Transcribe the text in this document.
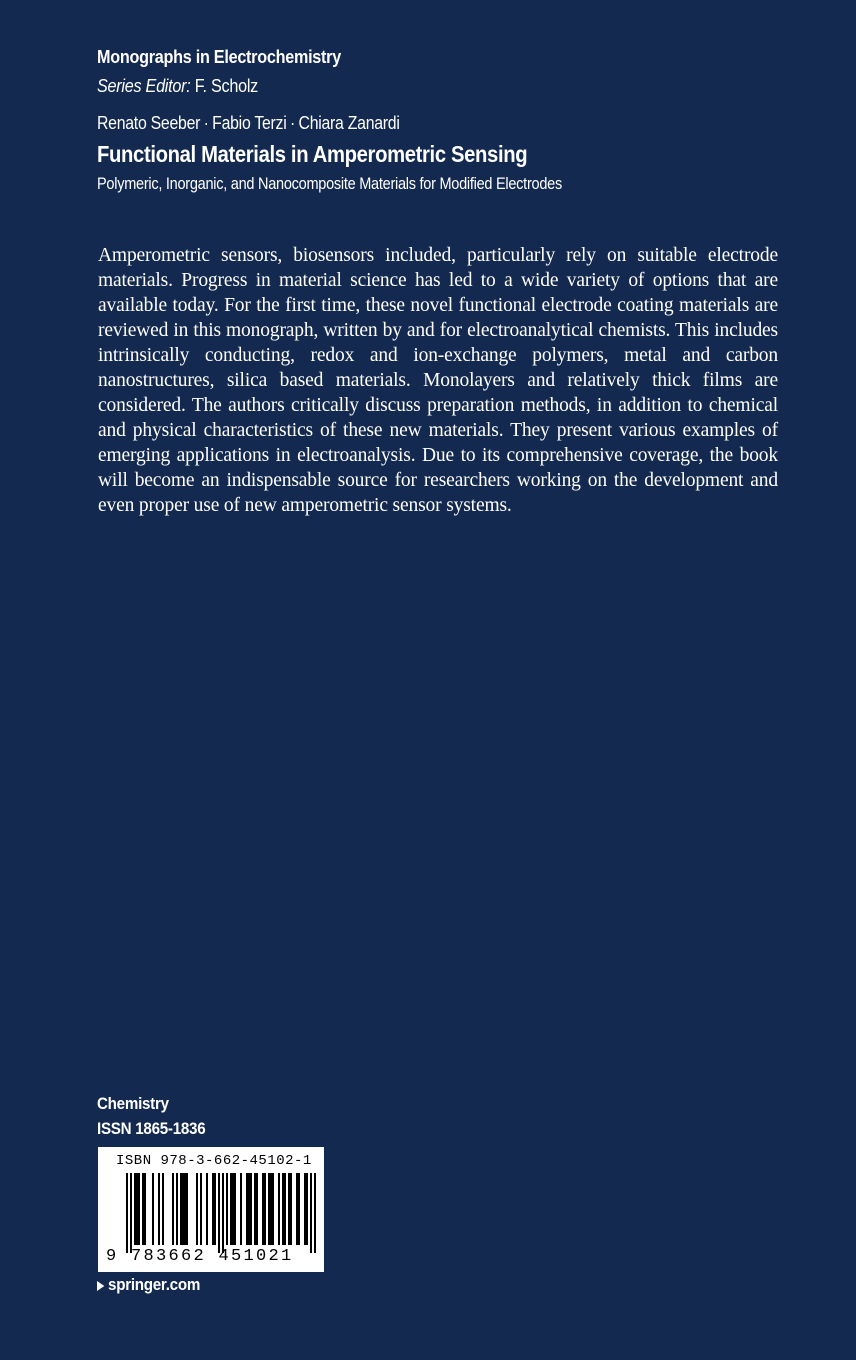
Monographs in Electrochemistry
Series Editor: F. Scholz
Renato Seeber · Fabio Terzi · Chiara Zanardi
Functional Materials in Amperometric Sensing
Polymeric, Inorganic, and Nanocomposite Materials for Modified Electrodes
Amperometric sensors, biosensors included, particularly rely on suitable electrode materials. Progress in material science has led to a wide variety of options that are available today. For the first time, these novel functional electrode coating materials are reviewed in this monograph, written by and for electroanalytical chemists. This includes intrinsically conducting, redox and ion-exchange polymers, metal and carbon nanostructures, silica based materials. Monolayers and relatively thick films are considered. The authors critically discuss preparation methods, in addition to chemical and physical characteristics of these new materials. They present various examples of emerging applications in electroanalysis. Due to its comprehensive coverage, the book will become an indispensable source for researchers working on the development and even proper use of new amperometric sensor systems.
Chemistry
ISSN 1865-1836
ISBN 978-3-662-45102-1
9 783662 451021
springer.com
